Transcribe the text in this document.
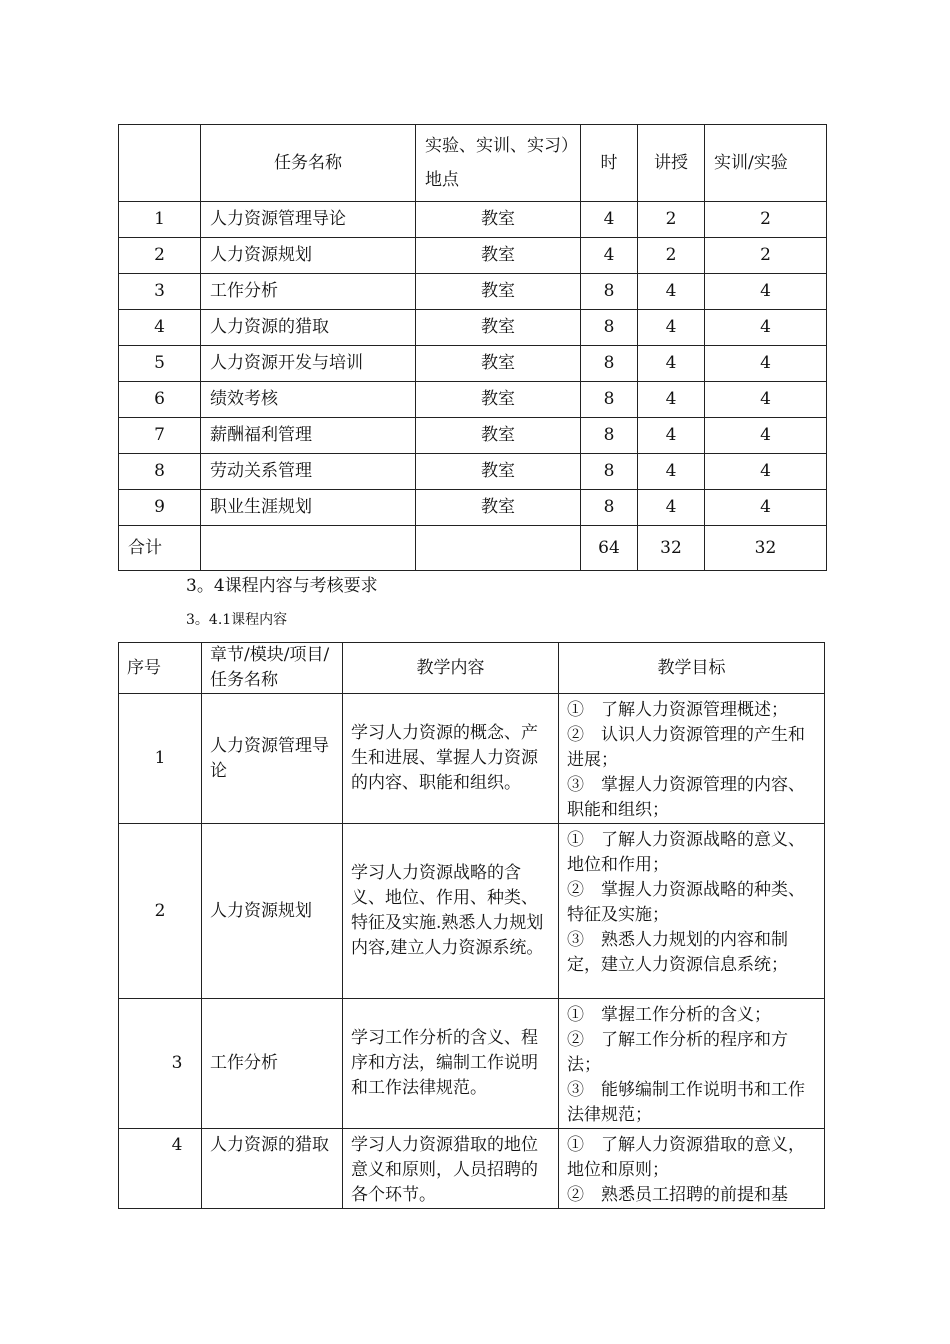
	任务名称	实验、实训、实习）地点	时	讲授	实训/实验
1	人力资源管理导论	教室	4	2	2
2	人力资源规划	教室	4	2	2
3	工作分析	教室	8	4	4
4	人力资源的猎取	教室	8	4	4
5	人力资源开发与培训	教室	8	4	4
6	绩效考核	教室	8	4	4
7	薪酬福利管理	教室	8	4	4
8	劳动关系管理	教室	8	4	4
9	职业生涯规划	教室	8	4	4
合计			64	32	32
3。4课程内容与考核要求
3。4.1课程内容
序号	章节/模块/项目/任务名称	教学内容	教学目标
1	人力资源管理导论	学习人力资源的概念、产生和进展、掌握人力资源的内容、职能和组织。	①　了解人力资源管理概述；
②　认识人力资源管理的产生和进展；
③　掌握人力资源管理的内容、职能和组织；

2	人力资源规划	学习人力资源战略的含义、地位、作用、种类、特征及实施.熟悉人力规划内容,建立人力资源系统。	①　了解人力资源战略的意义、地位和作用；
②　掌握人力资源战略的种类、特征及实施；
③　熟悉人力规划的内容和制定，建立人力资源信息系统；

3	工作分析	学习工作分析的含义、程序和方法，编制工作说明和工作法律规范。	①　掌握工作分析的含义；
②　了解工作分析的程序和方法；
③　能够编制工作说明书和工作法律规范；

4	人力资源的猎取	学习人力资源猎取的地位意义和原则，人员招聘的各个环节。	①　了解人力资源猎取的意义，地位和原则；
②　熟悉员工招聘的前提和基
